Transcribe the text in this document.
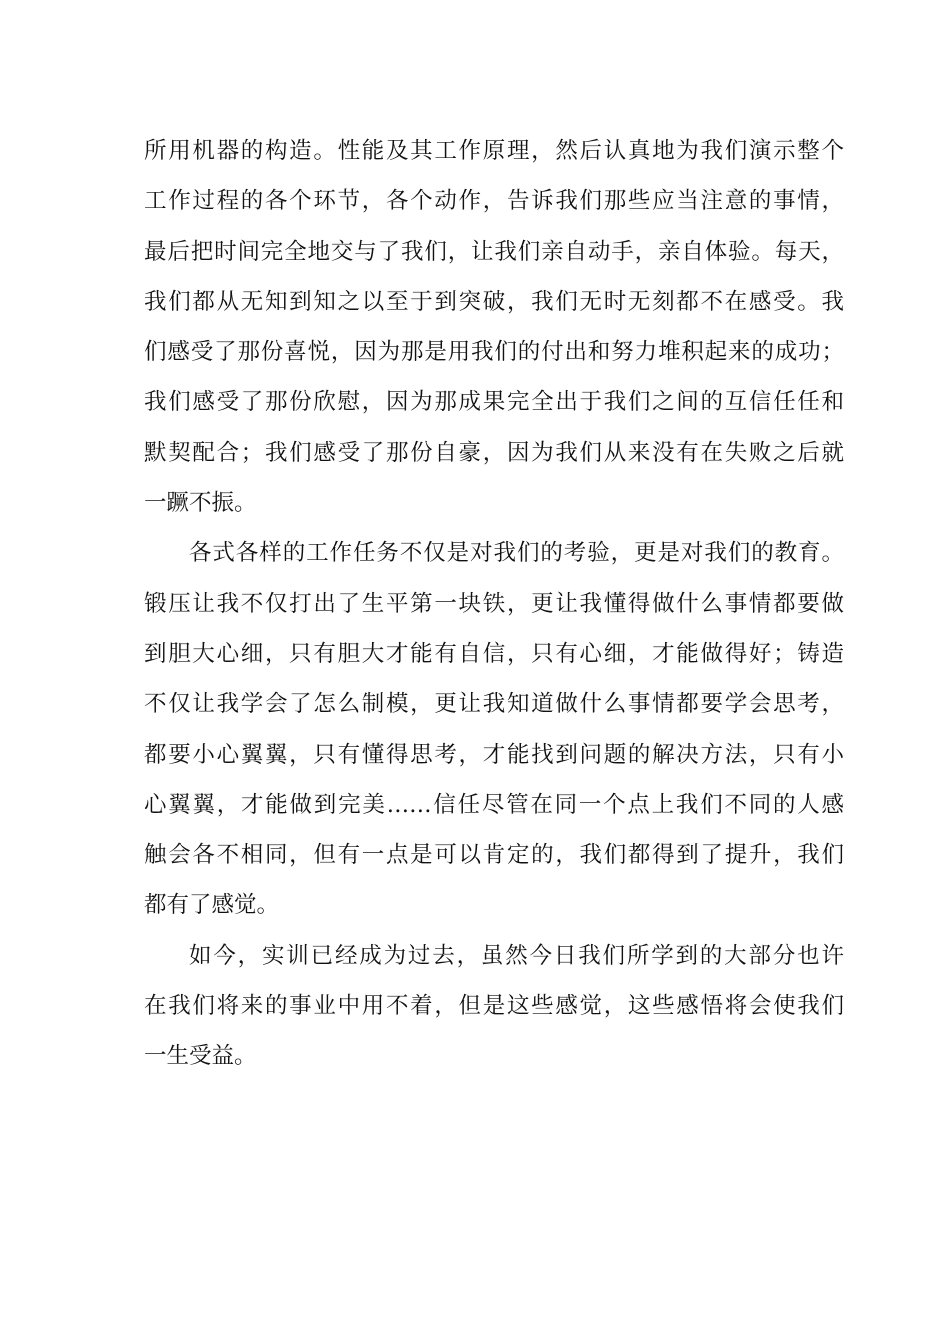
所用机器的构造。性能及其工作原理，然后认真地为我们演示整个
工作过程的各个环节，各个动作，告诉我们那些应当注意的事情，
最后把时间完全地交与了我们，让我们亲自动手，亲自体验。每天，
我们都从无知到知之以至于到突破，我们无时无刻都不在感受。我
们感受了那份喜悦，因为那是用我们的付出和努力堆积起来的成功；
我们感受了那份欣慰，因为那成果完全出于我们之间的互信任任和
默契配合；我们感受了那份自豪，因为我们从来没有在失败之后就
一蹶不振。
各式各样的工作任务不仅是对我们的考验，更是对我们的教育。
锻压让我不仅打出了生平第一块铁，更让我懂得做什么事情都要做
到胆大心细，只有胆大才能有自信，只有心细，才能做得好；铸造
不仅让我学会了怎么制模，更让我知道做什么事情都要学会思考，
都要小心翼翼，只有懂得思考，才能找到问题的解决方法，只有小
心翼翼，才能做到完美……信任尽管在同一个点上我们不同的人感
触会各不相同，但有一点是可以肯定的，我们都得到了提升，我们
都有了感觉。
如今，实训已经成为过去，虽然今日我们所学到的大部分也许
在我们将来的事业中用不着，但是这些感觉，这些感悟将会使我们
一生受益。
